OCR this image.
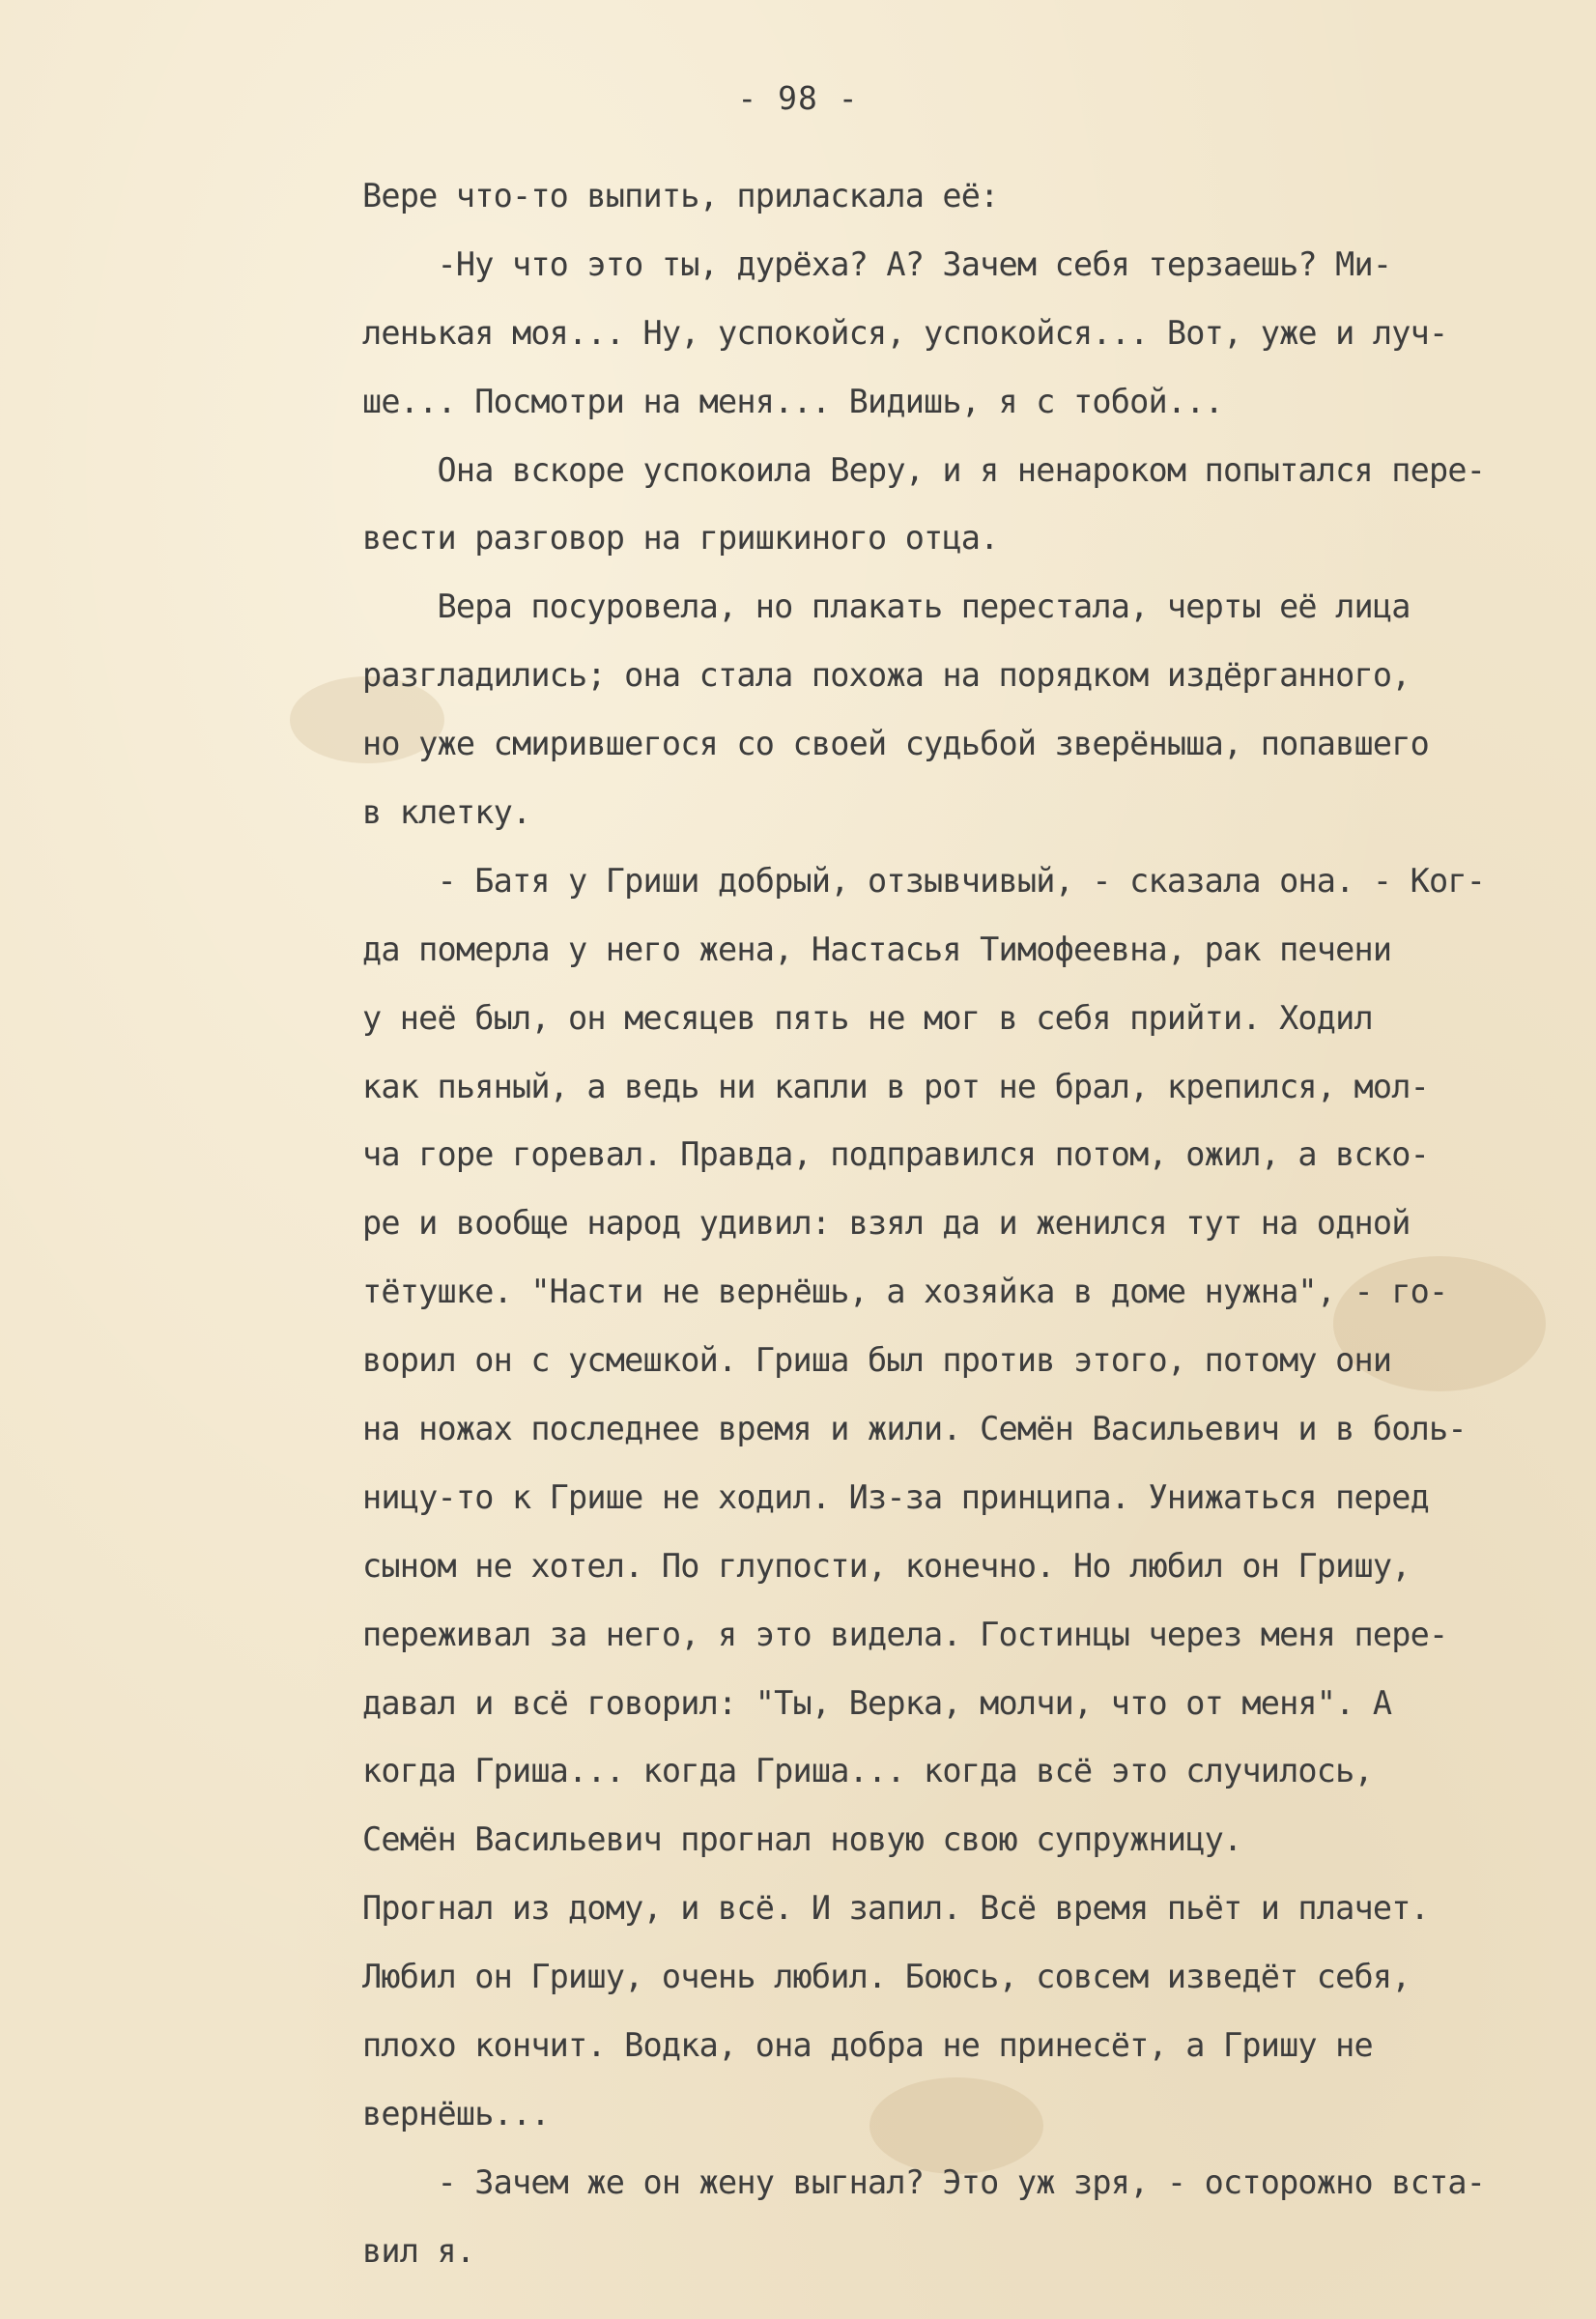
- 98 -
Вере что-то выпить, приласкала её:
-Ну что это ты, дурёха? А? Зачем себя терзаешь? Ми-
ленькая моя... Ну, успокойся, успокойся... Вот, уже и луч-
ше... Посмотри на меня... Видишь, я с тобой...
Она вскоре успокоила Веру, и я ненароком попытался пере-
вести разговор на гришкиного отца.
Вера посуровела, но плакать перестала, черты её лица
разгладились; она стала похожа на порядком издёрганного,
но уже смирившегося со своей судьбой зверёныша, попавшего
в клетку.
- Батя у Гриши добрый, отзывчивый, - сказала она. - Ког-
да померла у него жена, Настасья Тимофеевна, рак печени
у неё был, он месяцев пять не мог в себя прийти. Ходил
как пьяный, а ведь ни капли в рот не брал, крепился, мол-
ча горе горевал. Правда, подправился потом, ожил, а вско-
ре и вообще народ удивил: взял да и женился тут на одной
тётушке. "Насти не вернёшь, а хозяйка в доме нужна", - го-
ворил он с усмешкой. Гриша был против этого, потому они
на ножах последнее время и жили. Семён Васильевич и в боль-
ницу-то к Грише не ходил. Из-за принципа. Унижаться перед
сыном не хотел. По глупости, конечно. Но любил он Гришу,
переживал за него, я это видела. Гостинцы через меня пере-
давал и всё говорил: "Ты, Верка, молчи, что от меня". А
когда Гриша... когда Гриша... когда всё это случилось,
Семён Васильевич прогнал новую свою супружницу.
Прогнал из дому, и всё. И запил. Всё время пьёт и плачет.
Любил он Гришу, очень любил. Боюсь, совсем изведёт себя,
плохо кончит. Водка, она добра не принесёт, а Гришу не
вернёшь...
- Зачем же он жену выгнал? Это уж зря, - осторожно вста-
вил я.
